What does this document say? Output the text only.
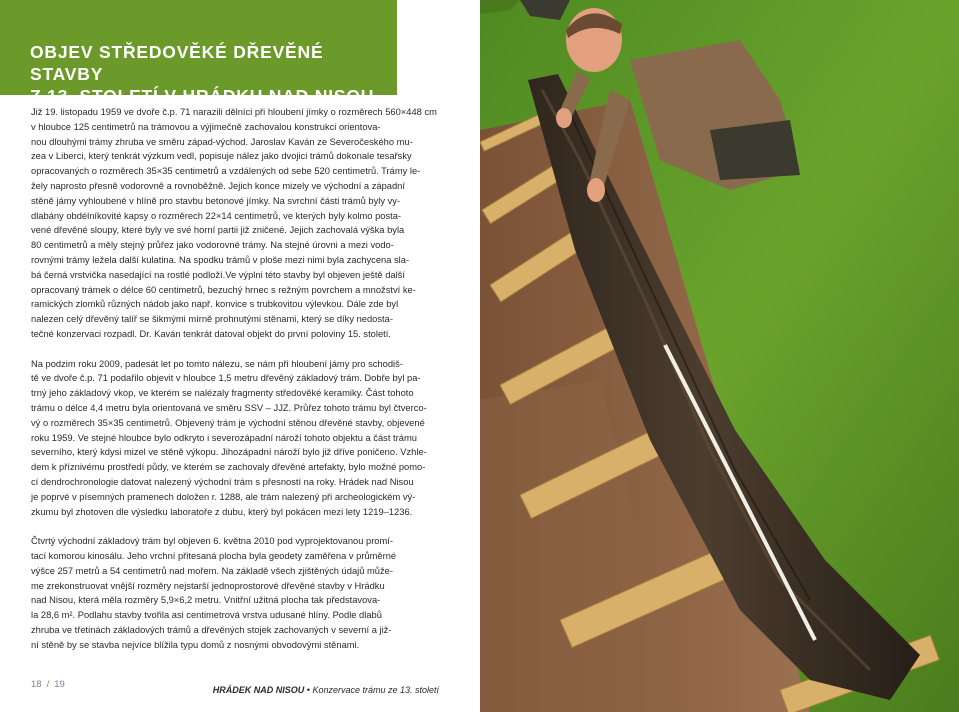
OBJEV STŘEDOVĚKÉ DŘEVĚNÉ STAVBY
Z 13. STOLETÍ V HRÁDKU NAD NISOU

Již 19. listopadu 1959 ve dvoře č.p. 71 narazili dělníci při hloubení jímky o rozměrech 560×448 cm
v hloubce 125 centimetrů na trámovou a výjimečně zachovalou konstrukci orientova-
nou dlouhými trámy zhruba ve směru západ-východ. Jaroslav Kaván ze Severočeského mu-
zea v Liberci, který tenkrát výzkum vedl, popisuje nález jako dvojici trámů dokonale tesařsky
opracovaných o rozměrech 35×35 centimetrů a vzdálených od sebe 520 centimetrů. Trámy le-
žely naprosto přesně vodorovně a rovnoběžně. Jejich konce mizely ve východní a západní
stěně jámy vyhloubené v hlíně pro stavbu betonové jímky. Na svrchní části trámů byly vy-
dlabány obdélníkovité kapsy o rozměrech 22×14 centimetrů, ve kterých byly kolmo posta-
vené dřevěné sloupy, které byly ve své horní partii již zničené. Jejich zachovalá výška byla
80 centimetrů a měly stejný průřez jako vodorovné trámy. Na stejné úrovni a mezi vodo-
rovnými trámy ležela další kulatina. Na spodku trámů v ploše mezi nimi byla zachycena sla-
bá černá vrstvička nasedající na rostlé podloží.Ve výplni této stavby byl objeven ještě další
opracovaný trámek o délce 60 centimetrů, bezuchý hrnec s režným povrchem a množství ke-
ramických zlomků různých nádob jako např. konvice s trubkovitou výlevkou. Dále zde byl
nalezen celý dřevěný talíř se šikmými mírně prohnutými stěnami, který se díky nedosta-
tečné konzervaci rozpadl. Dr. Kaván tenkrát datoval objekt do první poloviny 15. století.

Na podzim roku 2009, padesát let po tomto nálezu, se nám při hloubení jámy pro schodiš-
tě ve dvoře č.p. 71 podařilo objevit v hloubce 1,5 metru dřevěný základový trám. Dobře byl pa-
trný jeho základový vkop, ve kterém se nalézaly fragmenty středověké keramiky. Část tohoto
trámu o délce 4,4 metru byla orientovaná ve směru SSV – JJZ. Průřez tohoto trámu byl čtverco-
vý o rozměrech 35×35 centimetrů. Objevený trám je východní stěnou dřevěné stavby, objevené
roku 1959. Ve stejné hloubce bylo odkryto i severozápadní nároží tohoto objektu a část trámu
severního, který kdysi mizel ve stěně výkopu. Jihozápadní nároží bylo již dříve poničeno. Vzhle-
dem k příznivému prostředí půdy, ve kterém se zachovaly dřevěné artefakty, bylo možné pomo-
cí dendrochronologie datovat nalezený východní trám s přesností na roky. Hrádek nad Nisou
je poprvé v písemných pramenech doložen r. 1288, ale trám nalezený při archeologickém vý-
zkumu byl zhotoven dle výsledku laboratoře z dubu, který byl pokácen mezi lety 1219–1236.

Čtvrtý východní základový trám byl objeven 6. května 2010 pod vyprojektovanou promí-
tací komorou kinosálu. Jeho vrchní přitesaná plocha byla geodety zaměřena v průměrné
výšce 257 metrů a 54 centimetrů nad mořem. Na základě všech zjištěných údajů může-
me zrekonstruovat vnější rozměry nejstarší jednoprostorové dřevěné stavby v Hrádku
nad Nisou, která měla rozměry 5,9×6,2 metru. Vnitřní užitná plocha tak představova-
la 28,6 m². Podlahu stavby tvořila asi centimetrová vrstva udusané hlíny. Podle dlabů
zhruba ve třetinách základových trámů a dřevěných stojek zachovaných v severní a již-
ní stěně by se stavba nejvíce blížila typu domů z nosnými obvodovými stěnami.

18 / 19	HRÁDEK NAD NISOU • Konzervace trámu ze 13. století
